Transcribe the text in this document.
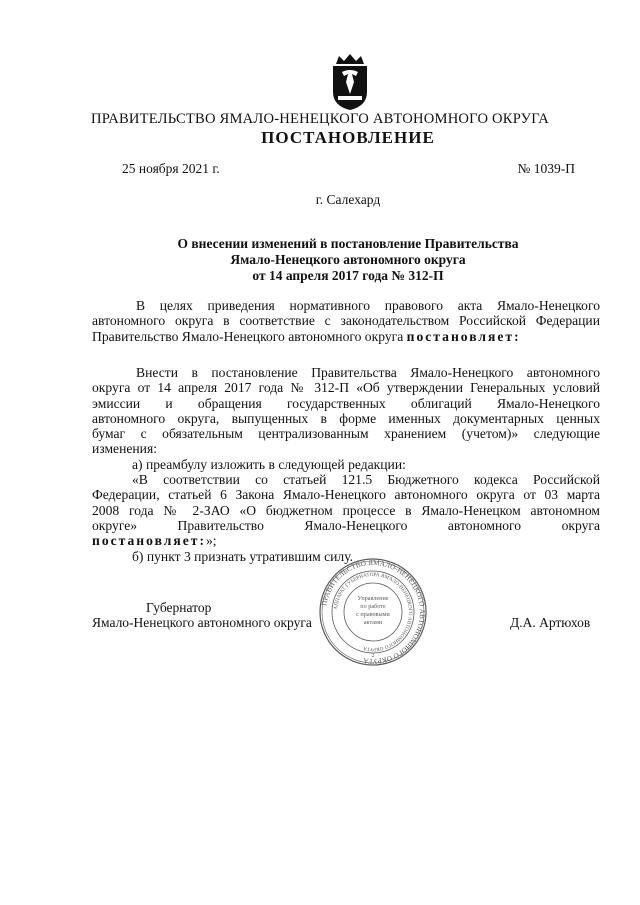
ПРАВИТЕЛЬСТВО ЯМАЛО-НЕНЕЦКОГО АВТОНОМНОГО ОКРУГА
ПОСТАНОВЛЕНИЕ
25 ноября 2021 г.	№ 1039-П
г. Салехард
О внесении изменений в постановление Правительства
Ямало-Ненецкого автономного округа
от 14 апреля 2017 года № 312-П
В целях приведения нормативного правового акта Ямало-Ненецкого
автономного округа в соответствие с законодательством Российской Федерации
Правительство Ямало-Ненецкого автономного округа постановляет:
Внести в постановление Правительства Ямало-Ненецкого автономного
округа от 14 апреля 2017 года № 312-П «Об утверждении Генеральных условий
эмиссии и обращения государственных облигаций Ямало-Ненецкого
автономного округа, выпущенных в форме именных документарных ценных
бумаг с обязательным централизованным хранением (учетом)» следующие
изменения:
а) преамбулу изложить в следующей редакции:
«В соответствии со статьей 121.5 Бюджетного кодекса Российской
Федерации, статьей 6 Закона Ямало-Ненецкого автономного округа от 03 марта
2008 года № 2-ЗАО «О бюджетном процессе в Ямало-Ненецком автономном
округе» Правительство Ямало-Ненецкого автономного округа
постановляет:»;
б) пункт 3 признать утратившим силу.
Губернатор
Ямало-Ненецкого автономного округа	Д.А. Артюхов
ПРАВИТЕЛЬСТВО ЯМАЛО-НЕНЕЦКОГО АВТОНОМНОГО ОКРУГА
АППАРАТ ГУБЕРНАТОРА ЯМАЛО-НЕНЕЦКОГО АВТОНОМНОГО ОКРУГА
Управление
по работе
с правовыми
актами
2
